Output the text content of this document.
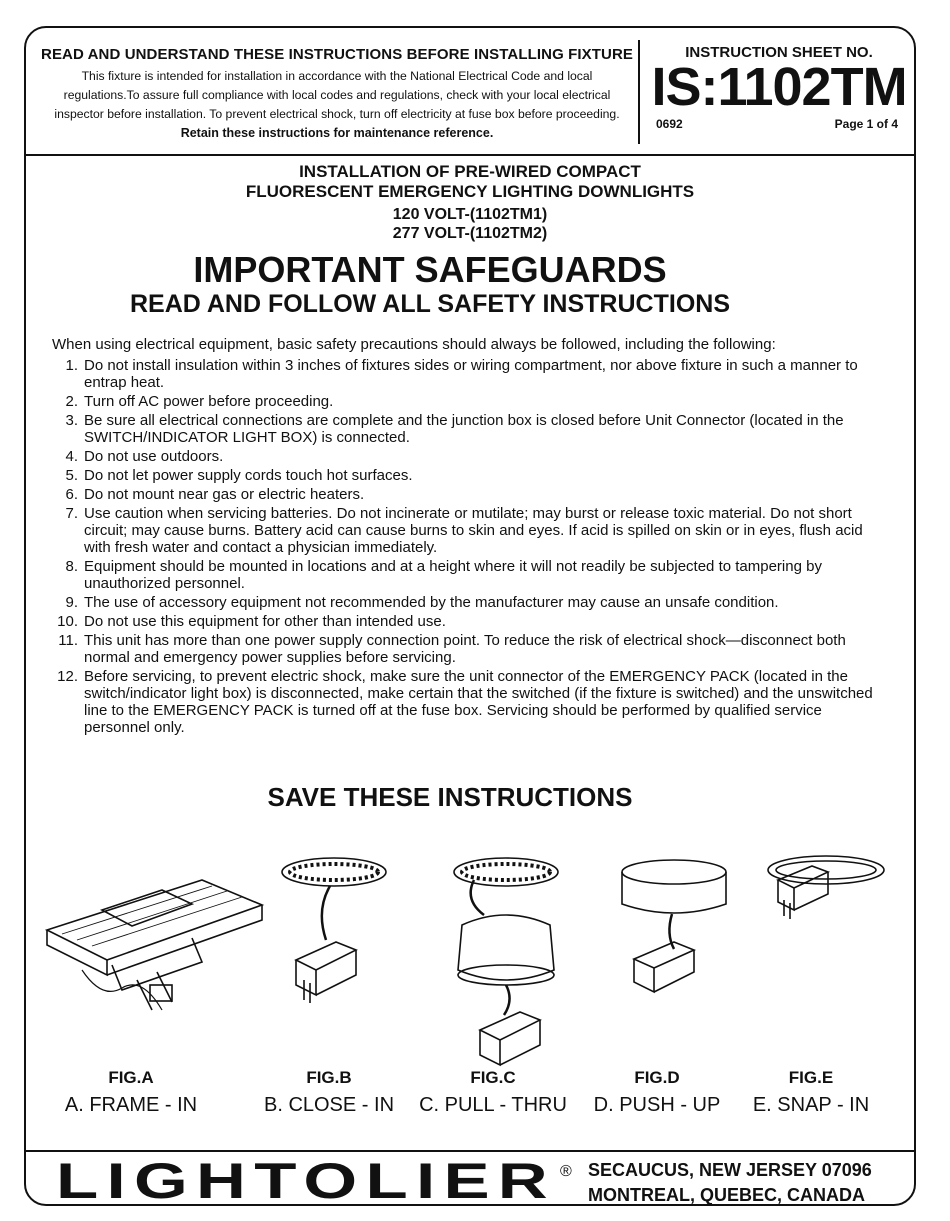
READ AND UNDERSTAND THESE INSTRUCTIONS BEFORE INSTALLING FIXTURE
This fixture is intended for installation in accordance with the National Electrical Code and local
regulations.To assure full compliance with local codes and regulations, check with your local electrical
inspector before installation. To prevent electrical shock, turn off electricity at fuse box before proceeding.
Retain these instructions for maintenance reference.
INSTRUCTION SHEET NO.
IS:1102TM
0692	Page 1 of 4
INSTALLATION OF PRE-WIRED COMPACT
FLUORESCENT EMERGENCY LIGHTING DOWNLIGHTS
120 VOLT-(1102TM1)
277 VOLT-(1102TM2)
IMPORTANT SAFEGUARDS
READ AND FOLLOW ALL SAFETY INSTRUCTIONS
When using electrical equipment, basic safety precautions should always be followed, including the following:
1. Do not install insulation within 3 inches of fixtures sides or wiring compartment, nor above fixture in such a manner to entrap heat.
2. Turn off AC power before proceeding.
3. Be sure all electrical connections are complete and the junction box is closed before Unit Connector (located in the SWITCH/INDICATOR LIGHT BOX) is connected.
4. Do not use outdoors.
5. Do not let power supply cords touch hot surfaces.
6. Do not mount near gas or electric heaters.
7. Use caution when servicing batteries. Do not incinerate or mutilate; may burst or release toxic material. Do not short circuit; may cause burns. Battery acid can cause burns to skin and eyes. If acid is spilled on skin or in eyes, flush acid with fresh water and contact a physician immediately.
8. Equipment should be mounted in locations and at a height where it will not readily be subjected to tampering by unauthorized personnel.
9. The use of accessory equipment not recommended by the manufacturer may cause an unsafe condition.
10. Do not use this equipment for other than intended use.
11. This unit has more than one power supply connection point. To reduce the risk of electrical shock—disconnect both normal and emergency power supplies before servicing.
12. Before servicing, to prevent electric shock, make sure the unit connector of the EMERGENCY PACK (located in the switch/indicator light box) is disconnected, make certain that the switched (if the fixture is switched) and the unswitched line to the EMERGENCY PACK is turned off at the fuse box. Servicing should be performed by qualified service personnel only.
SAVE THESE INSTRUCTIONS
FIG.A
A. FRAME - IN
FIG.B
B. CLOSE - IN
FIG.C
C. PULL - THRU
FIG.D
D. PUSH - UP
FIG.E
E. SNAP - IN
LIGHTOLIER ® SECAUCUS, NEW JERSEY 07096
MONTREAL, QUEBEC, CANADA
